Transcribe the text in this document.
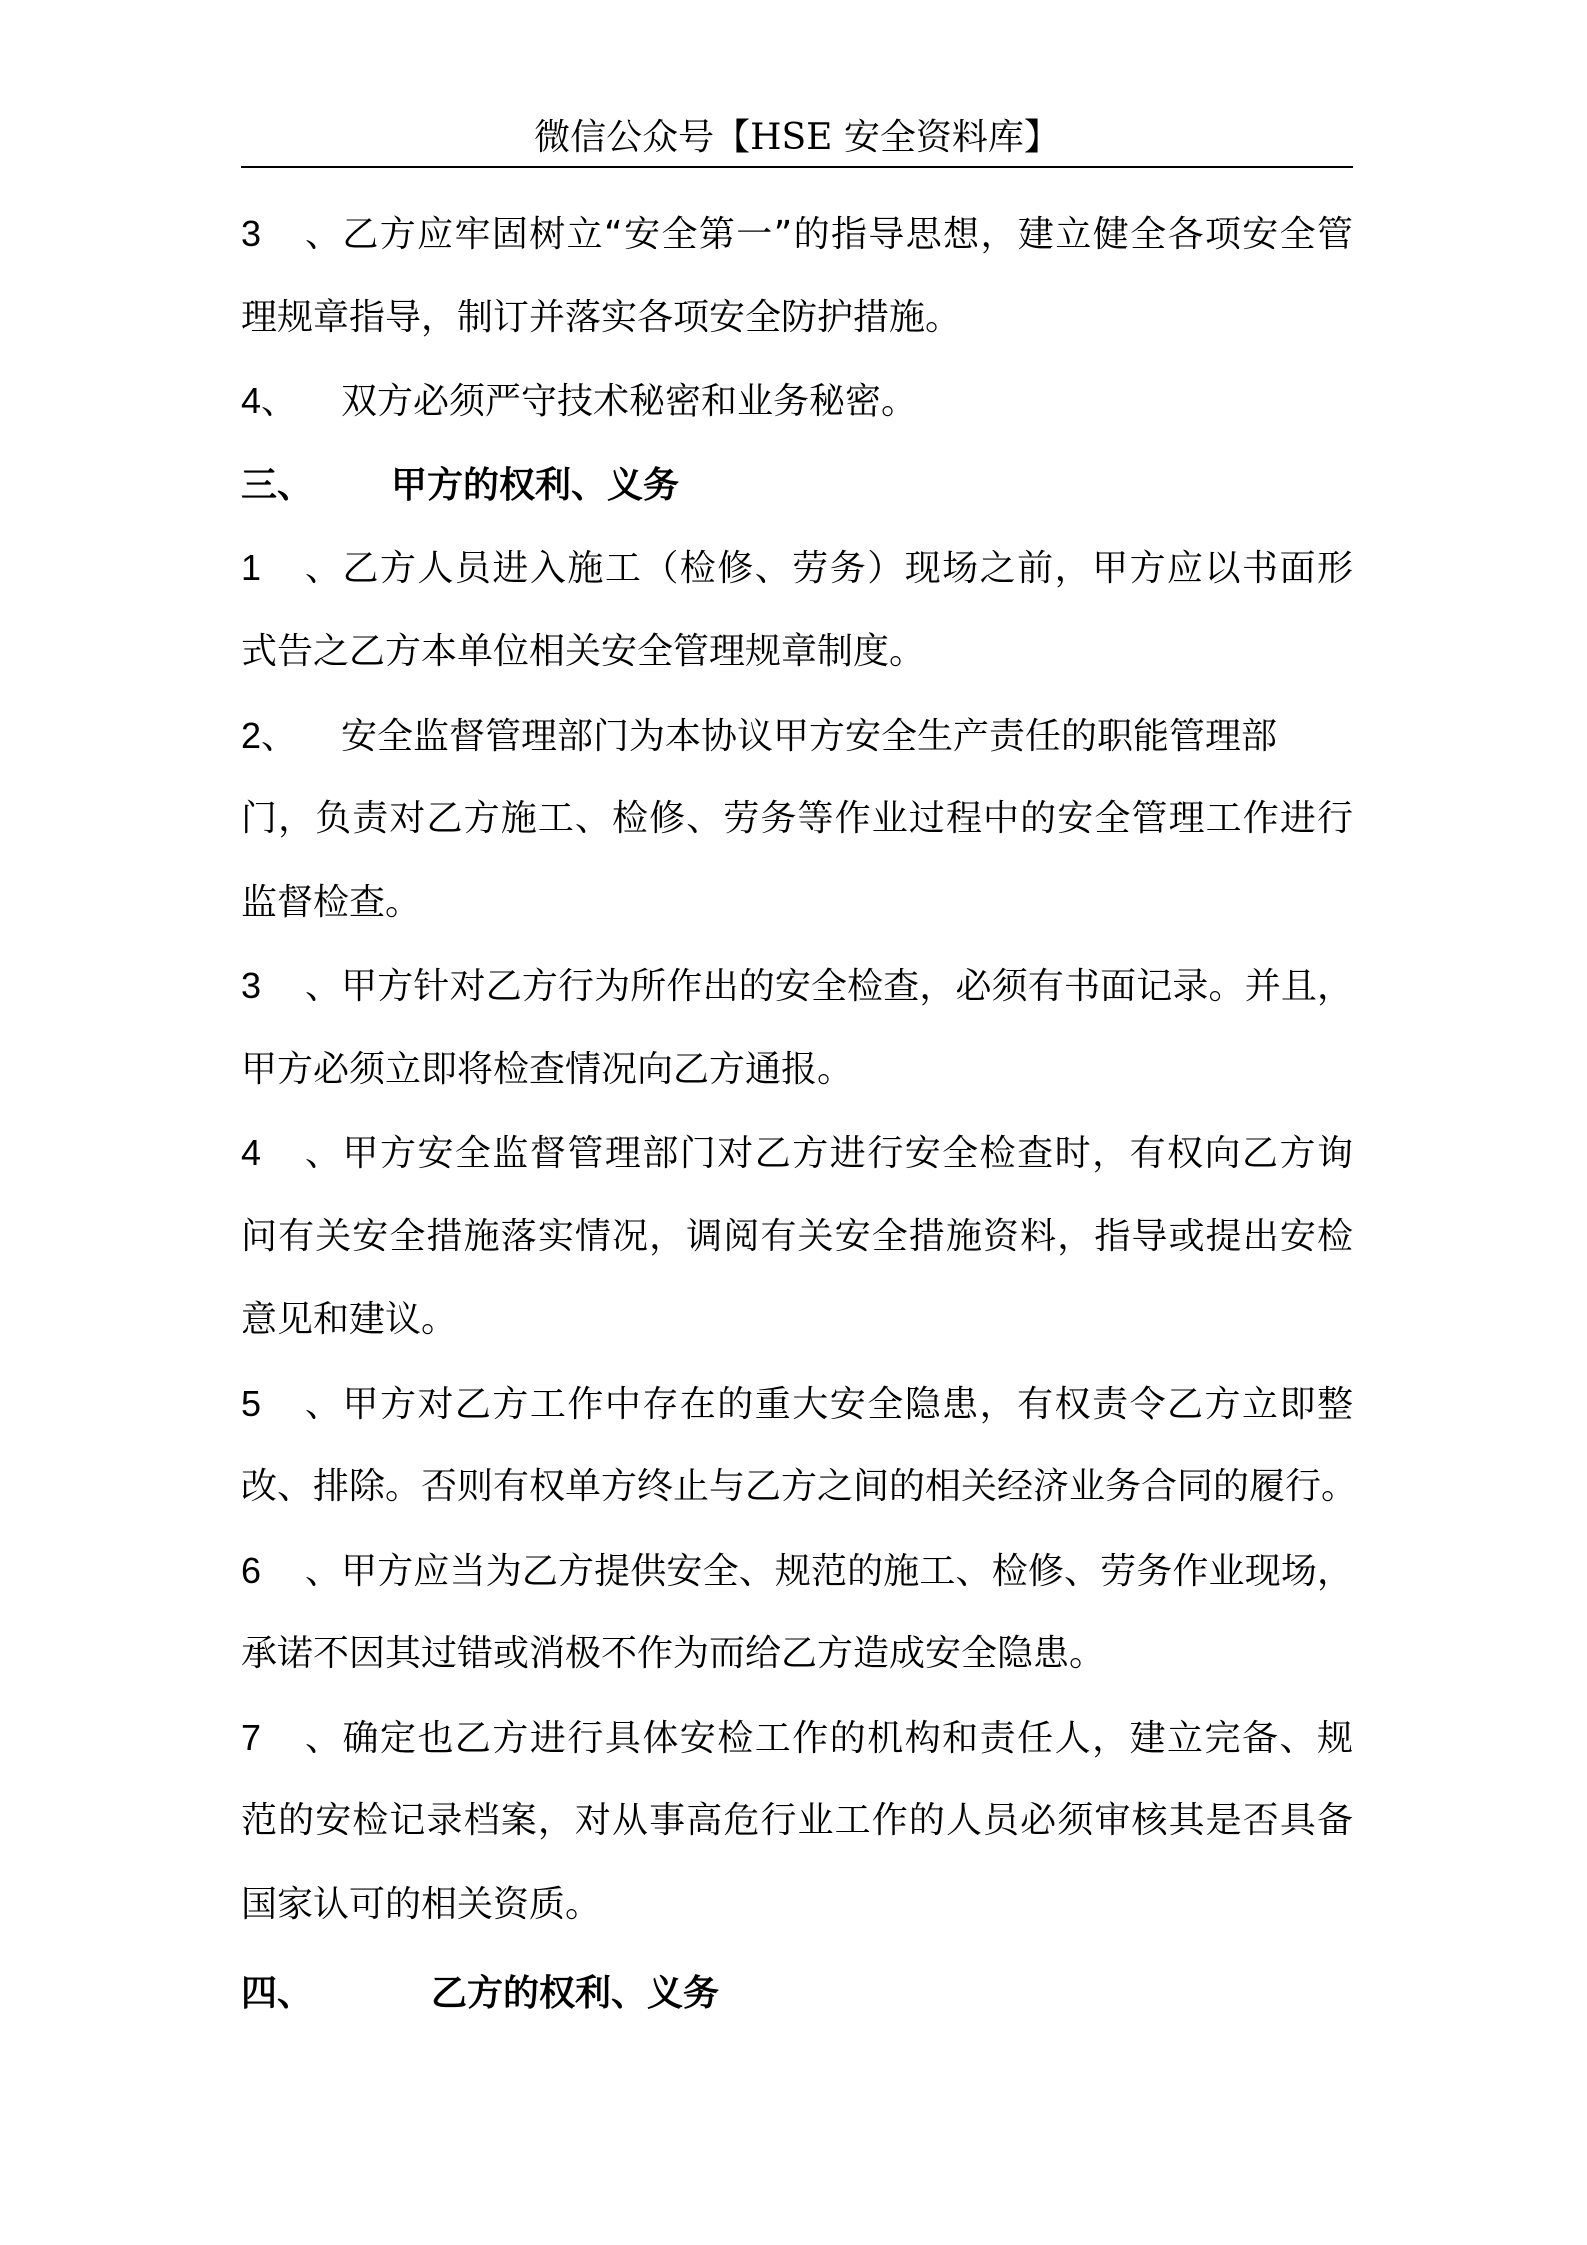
微信公众号【HSE 安全资料库】
3、乙方应牢固树立“安全第一”的指导思想，建立健全各项安全管
理规章指导，制订并落实各项安全防护措施。
4、 双方必须严守技术秘密和业务秘密。
三、 甲方的权利、义务
1、乙方人员进入施工（检修、劳务）现场之前，甲方应以书面形
式告之乙方本单位相关安全管理规章制度。
2、 安全监督管理部门为本协议甲方安全生产责任的职能管理部
门，负责对乙方施工、检修、劳务等作业过程中的安全管理工作进行
监督检查。
3、甲方针对乙方行为所作出的安全检查，必须有书面记录。并且，
甲方必须立即将检查情况向乙方通报。
4、甲方安全监督管理部门对乙方进行安全检查时，有权向乙方询
问有关安全措施落实情况，调阅有关安全措施资料，指导或提出安检
意见和建议。
5、甲方对乙方工作中存在的重大安全隐患，有权责令乙方立即整
改、排除。否则有权单方终止与乙方之间的相关经济业务合同的履行。
6、甲方应当为乙方提供安全、规范的施工、检修、劳务作业现场，
承诺不因其过错或消极不作为而给乙方造成安全隐患。
7、确定也乙方进行具体安检工作的机构和责任人，建立完备、规
范的安检记录档案，对从事高危行业工作的人员必须审核其是否具备
国家认可的相关资质。
四、	乙方的权利、义务
